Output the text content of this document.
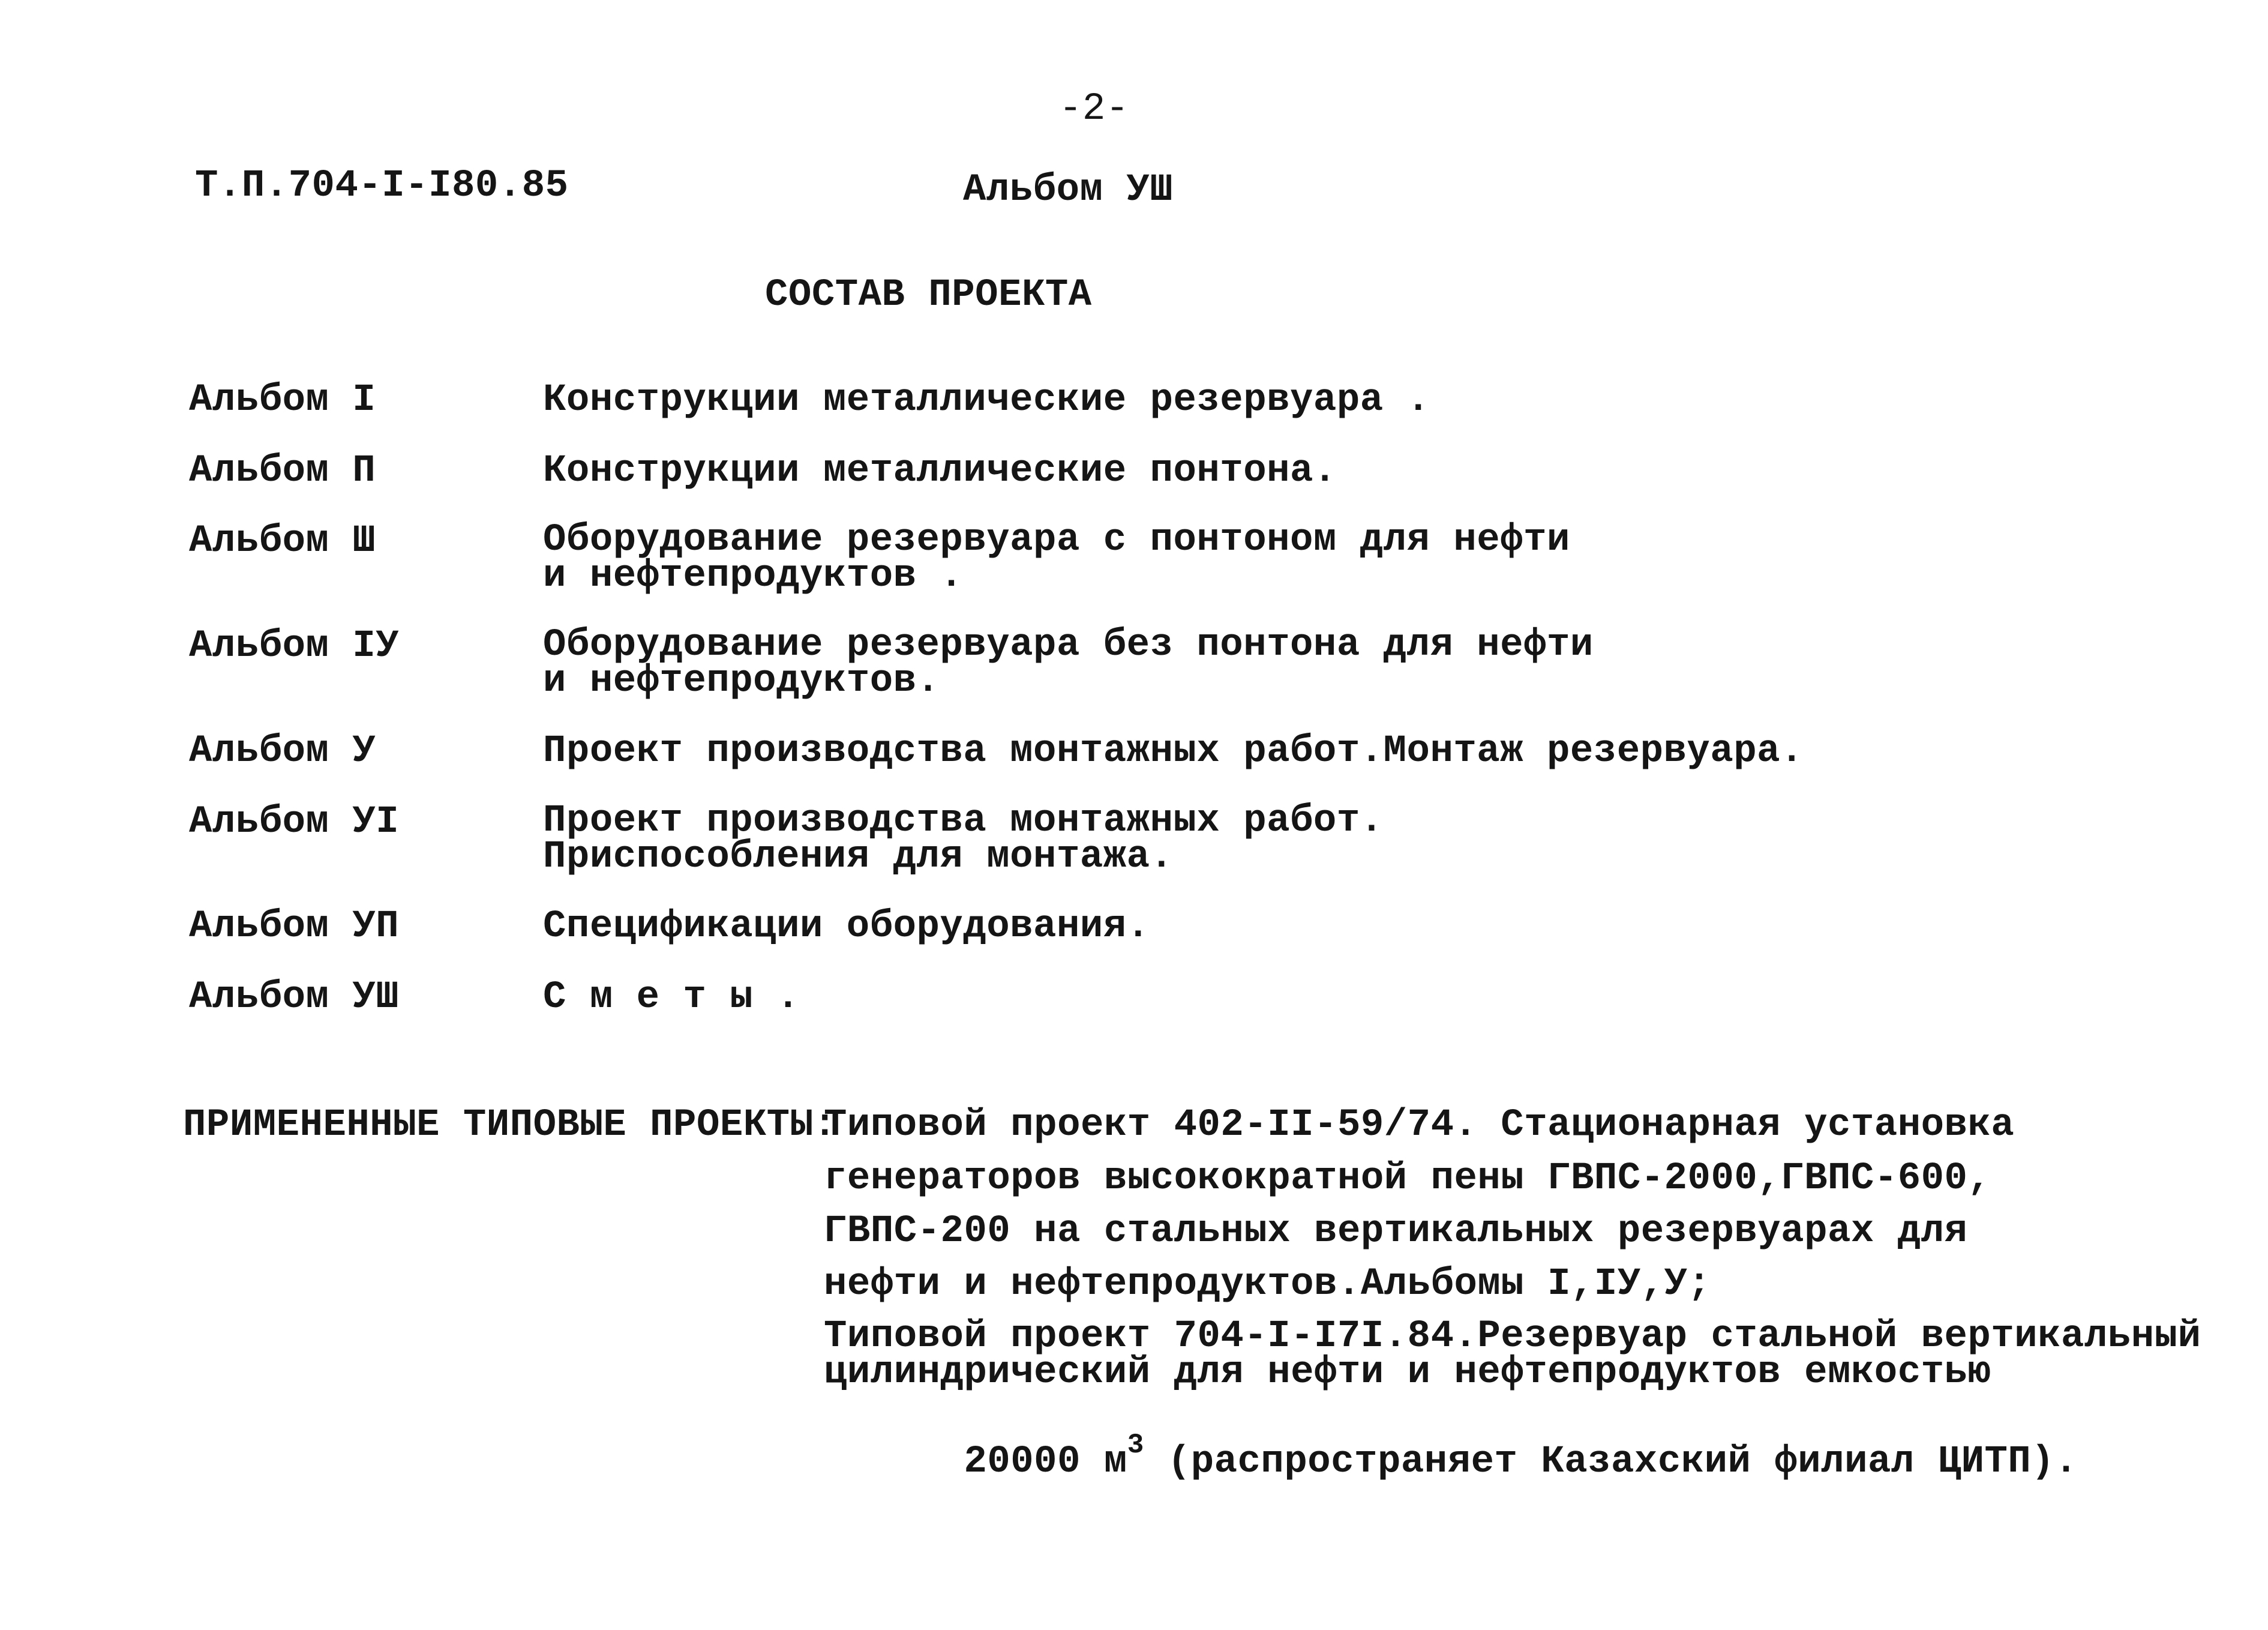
-2-
Т.П.704-I-I80.85	Альбом УШ
СОСТАВ ПРОЕКТА
Альбом I	Конструкции металлические резервуара .
Альбом П	Конструкции металлические понтона.
Альбом Ш	Оборудование резервуара с понтоном для нефти
и нефтепродуктов .
Альбом IУ	Оборудование резервуара без понтона для нефти
и нефтепродуктов.
Альбом У	Проект производства монтажных работ.Монтаж резервуара.
Альбом УI	Проект производства монтажных работ.
Приспособления для монтажа.
Альбом УП	Спецификации оборудования.
Альбом УШ	С м е т ы .
ПРИМЕНЕННЫЕ ТИПОВЫЕ ПРОЕКТЫ:
Типовой проект 402-II-59/74. Стационарная установка
генераторов высокократной пены ГВПС-2000,ГВПС-600,
ГВПС-200 на стальных вертикальных резервуарах для
нефти и нефтепродуктов.Альбомы I,IУ,У;
Типовой проект 704-I-I7I.84.Резервуар стальной вертикальный
цилиндрический для нефти и нефтепродуктов емкостью

20000 $м^3$ (распространяет Казахский филиал ЦИТП).
